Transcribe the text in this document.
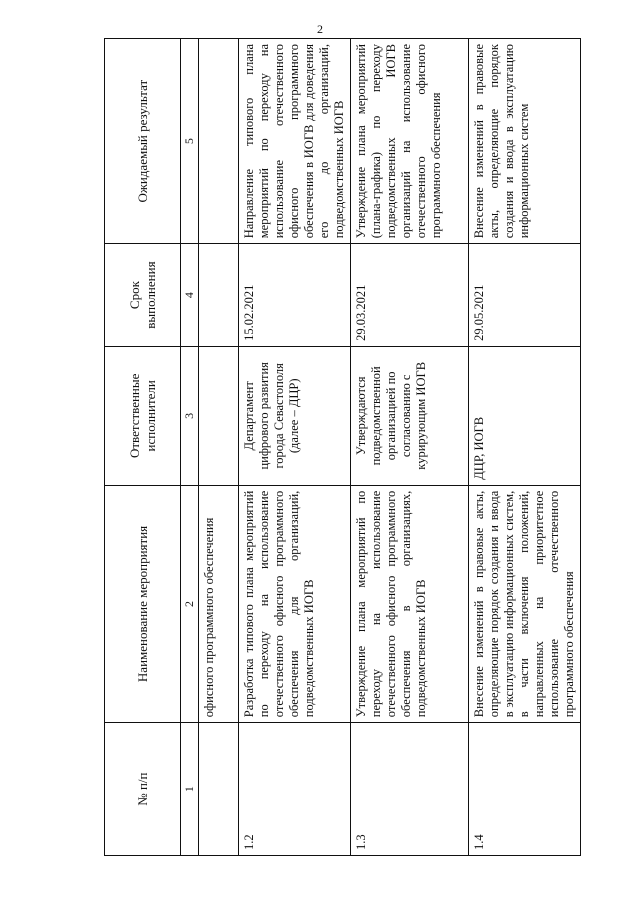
2
№ п/п	Наименование мероприятия	Ответственные исполнители	Срок выполнения	Ожидаемый результат
1	2	3	4	5
	офисного программного обеспечения			
1.2	Разработка типового плана мероприятий по переходу на использование отечественного офисного программного обеспечения для организаций, подведомственных ИОГВ	Департамент цифрового развития города Севастополя (далее – ДЦР)	15.02.2021	Направление типового плана мероприятий по переходу на использование отечественного офисного программного обеспечения в ИОГВ для доведения его до организаций, подведомственных ИОГВ
1.3	Утверждение плана мероприятий по переходу на использование отечественного офисного программного обеспечения в организациях, подведомственных ИОГВ	Утверждаются подведомственной организацией по согласованию с курирующим ИОГВ	29.03.2021	Утверждение плана мероприятий (плана-графика) по переходу подведомственных ИОГВ организаций на использование отечественного офисного программного обеспечения
1.4	Внесение изменений в правовые акты, определяющие порядок создания и ввода в эксплуатацию информационных систем, в части включения положений, направленных на приоритетное использование отечественного программного обеспечения	ДЦР, ИОГВ	29.05.2021	Внесение изменений в правовые акты, определяющие порядок создания и ввода в эксплуатацию информационных систем
